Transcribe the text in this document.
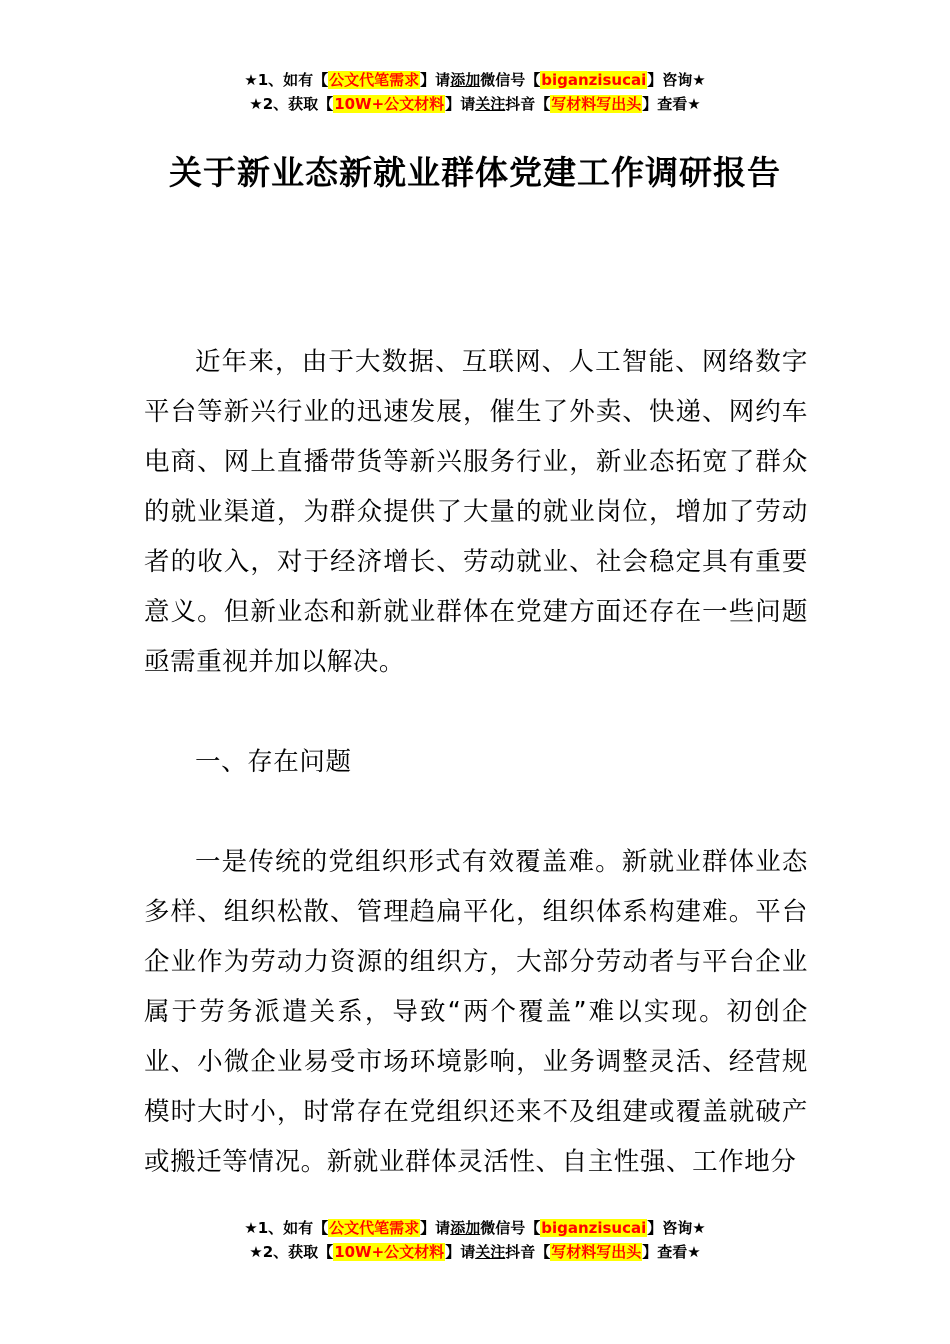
★1、如有【公文代笔需求】请添加微信号【biganzisucai】咨询★
★2、获取【10W+公文材料】请关注抖音【写材料写出头】查看★
关于新业态新就业群体党建工作调研报告

近年来，由于大数据、互联网、人工智能、网络数字平台等新兴行业的迅速发展，催生了外卖、快递、网约车电商、网上直播带货等新兴服务行业，新业态拓宽了群众的就业渠道，为群众提供了大量的就业岗位，增加了劳动者的收入，对于经济增长、劳动就业、社会稳定具有重要意义。但新业态和新就业群体在党建方面还存在一些问题亟需重视并加以解决。

一、存在问题

一是传统的党组织形式有效覆盖难。新就业群体业态多样、组织松散、管理趋扁平化，组织体系构建难。平台企业作为劳动力资源的组织方，大部分劳动者与平台企业属于劳务派遣关系，导致“两个覆盖”难以实现。初创企业、小微企业易受市场环境影响，业务调整灵活、经营规模时大时小，时常存在党组织还来不及组建或覆盖就破产或搬迁等情况。新就业群体灵活性、自主性强、工作地分

★1、如有【公文代笔需求】请添加微信号【biganzisucai】咨询★
★2、获取【10W+公文材料】请关注抖音【写材料写出头】查看★
